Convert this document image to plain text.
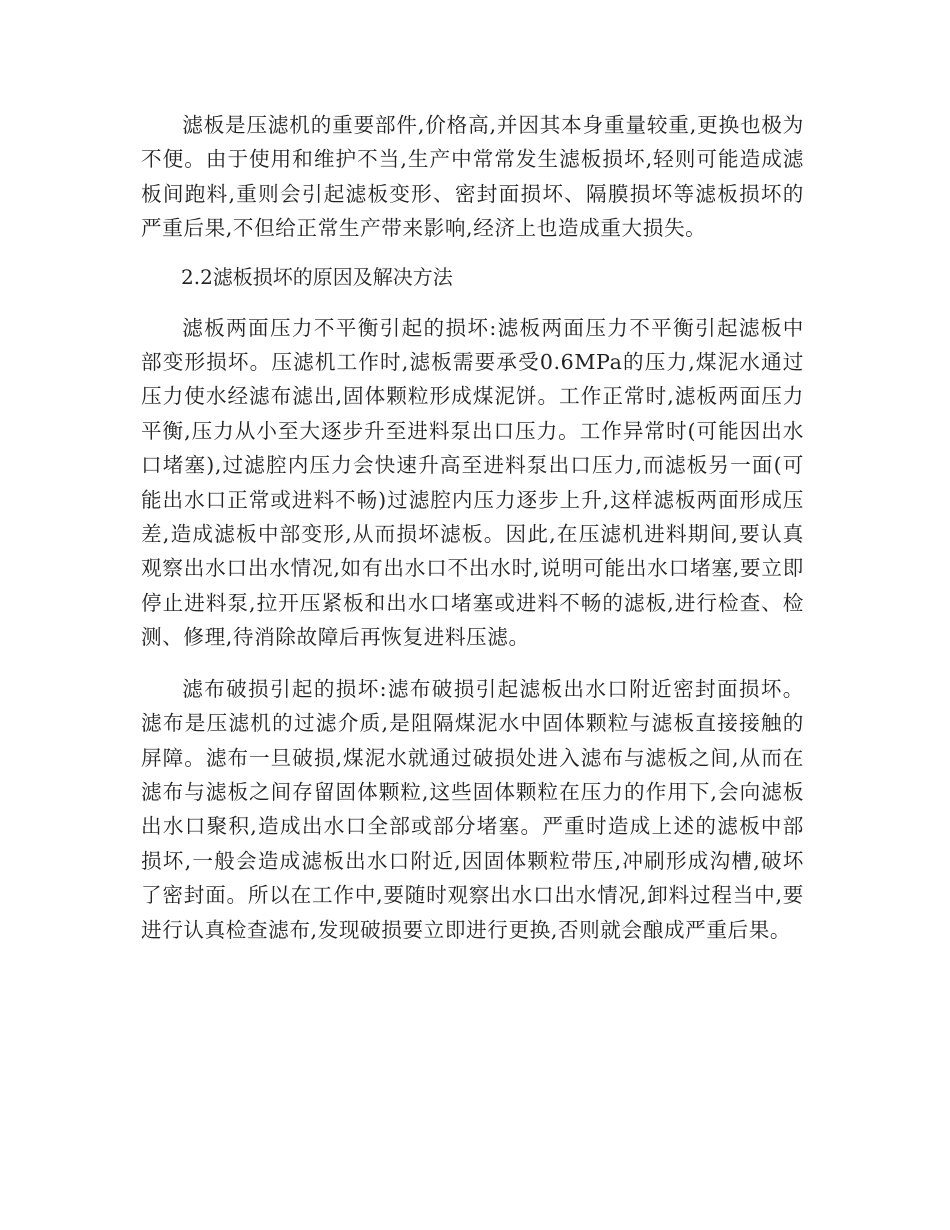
滤板是压滤机的重要部件,价格高,并因其本身重量较重,更换也极为不便。由于使用和维护不当,生产中常常发生滤板损坏,轻则可能造成滤板间跑料,重则会引起滤板变形、密封面损坏、隔膜损坏等滤板损坏的严重后果,不但给正常生产带来影响,经济上也造成重大损失。

2.2滤板损坏的原因及解决方法

滤板两面压力不平衡引起的损坏:滤板两面压力不平衡引起滤板中部变形损坏。压滤机工作时,滤板需要承受0.6MPa的压力,煤泥水通过压力使水经滤布滤出,固体颗粒形成煤泥饼。工作正常时,滤板两面压力平衡,压力从小至大逐步升至进料泵出口压力。工作异常时(可能因出水口堵塞),过滤腔内压力会快速升高至进料泵出口压力,而滤板另一面(可能出水口正常或进料不畅)过滤腔内压力逐步上升,这样滤板两面形成压差,造成滤板中部变形,从而损坏滤板。因此,在压滤机进料期间,要认真观察出水口出水情况,如有出水口不出水时,说明可能出水口堵塞,要立即停止进料泵,拉开压紧板和出水口堵塞或进料不畅的滤板,进行检查、检测、修理,待消除故障后再恢复进料压滤。

滤布破损引起的损坏:滤布破损引起滤板出水口附近密封面损坏。滤布是压滤机的过滤介质,是阻隔煤泥水中固体颗粒与滤板直接接触的屏障。滤布一旦破损,煤泥水就通过破损处进入滤布与滤板之间,从而在滤布与滤板之间存留固体颗粒,这些固体颗粒在压力的作用下,会向滤板出水口聚积,造成出水口全部或部分堵塞。严重时造成上述的滤板中部损坏,一般会造成滤板出水口附近,因固体颗粒带压,冲刷形成沟槽,破坏了密封面。所以在工作中,要随时观察出水口出水情况,卸料过程当中,要进行认真检查滤布,发现破损要立即进行更换,否则就会酿成严重后果。
